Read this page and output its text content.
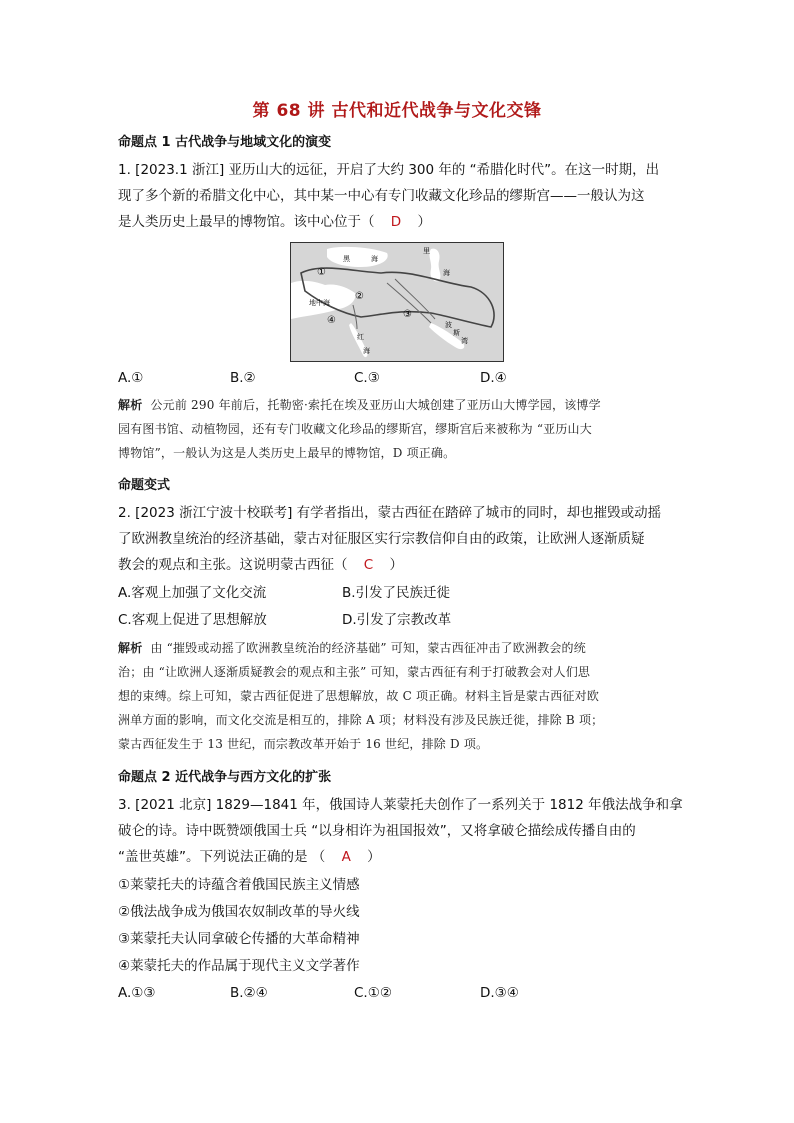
第 68 讲 古代和近代战争与文化交锋
命题点 1 古代战争与地域文化的演变
1. [2023.1 浙江] 亚历山大的远征，开启了大约 300 年的 “希腊化时代”。在这一时期，出
现了多个新的希腊文化中心，其中某一中心有专门收藏文化珍品的缪斯宫——一般认为这
是人类历史上最早的博物馆。该中心位于（ D ）
黑	海
里
海
地中海
红
海
波
斯
湾
①
②
③
④
A.①	B.②	C.③	D.④
解析 公元前 290 年前后，托勒密·索托在埃及亚历山大城创建了亚历山大博学园，该博学
园有图书馆、动植物园，还有专门收藏文化珍品的缪斯宫，缪斯宫后来被称为 “亚历山大
博物馆”，一般认为这是人类历史上最早的博物馆，D 项正确。
命题变式
2. [2023 浙江宁波十校联考] 有学者指出，蒙古西征在踏碎了城市的同时，却也摧毁或动摇
了欧洲教皇统治的经济基础，蒙古对征服区实行宗教信仰自由的政策，让欧洲人逐渐质疑
教会的观点和主张。这说明蒙古西征（ C ）
A.客观上加强了文化交流	B.引发了民族迁徙
C.客观上促进了思想解放	D.引发了宗教改革
解析 由 “摧毁或动摇了欧洲教皇统治的经济基础” 可知，蒙古西征冲击了欧洲教会的统
治；由 “让欧洲人逐渐质疑教会的观点和主张” 可知，蒙古西征有利于打破教会对人们思
想的束缚。综上可知，蒙古西征促进了思想解放，故 C 项正确。材料主旨是蒙古西征对欧
洲单方面的影响，而文化交流是相互的，排除 A 项；材料没有涉及民族迁徙，排除 B 项；
蒙古西征发生于 13 世纪，而宗教改革开始于 16 世纪，排除 D 项。
命题点 2 近代战争与西方文化的扩张
3. [2021 北京] 1829—1841 年，俄国诗人莱蒙托夫创作了一系列关于 1812 年俄法战争和拿
破仑的诗。诗中既赞颂俄国士兵 “以身相许为祖国报效”，又将拿破仑描绘成传播自由的
“盖世英雄”。下列说法正确的是 （ A ）
①莱蒙托夫的诗蕴含着俄国民族主义情感
②俄法战争成为俄国农奴制改革的导火线
③莱蒙托夫认同拿破仑传播的大革命精神
④莱蒙托夫的作品属于现代主义文学著作
A.①③	B.②④	C.①②	D.③④
